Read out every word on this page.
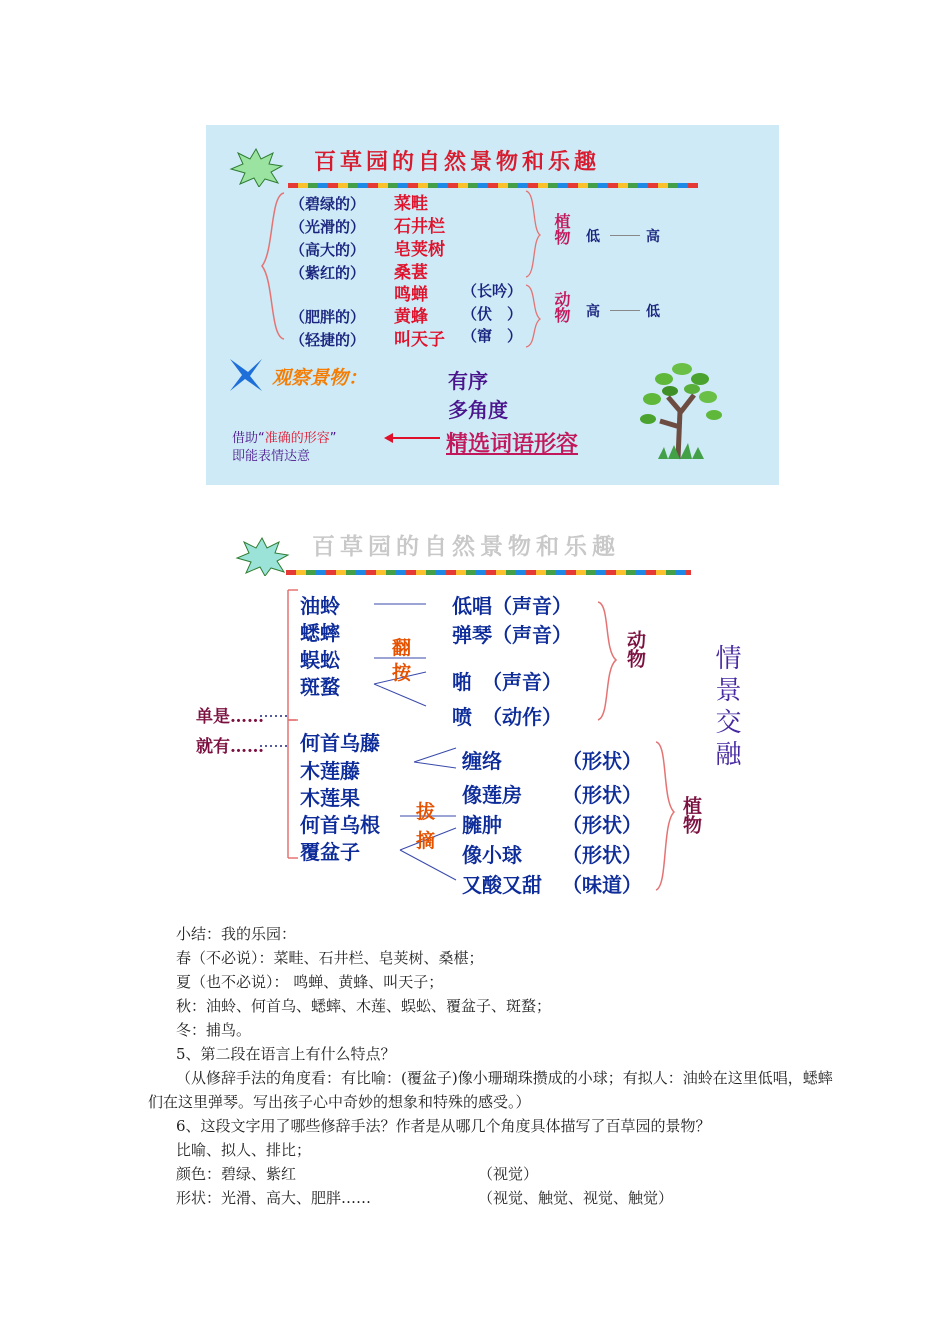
百草园的自然景物和乐趣
（碧绿的） 菜畦
（光滑的） 石井栏
（高大的） 皂荚树
（紫红的） 桑葚
鸣蝉
（肥胖的） 黄蜂
（轻捷的） 叫天子
（长吟）
（伏　）
（窜　）
植物
动物
低	高
高	低
观察景物：	有序
多角度
借助“准确的形容”
即能表情达意	精选词语形容
百草园的自然景物和乐趣
单是……
就有……
油蛉
蟋蟀
蜈蚣
斑蝥
何首乌藤
木莲藤
木莲果
何首乌根
覆盆子
翻
按
拔
摘
低唱（声音）
弹琴（声音）
啪　（声音）
喷　（动作）
缠络	（形状）
像莲房 （形状）
臃肿	（形状）
像小球 （形状）
又酸又甜 （味道）
动物
植物
情景交融
小结：我的乐园：
春（不必说）：菜畦、石井栏、皂荚树、桑椹；
夏（也不必说）： 鸣蝉、黄蜂、叫天子；
秋：油蛉、何首乌、蟋蟀、木莲、蜈蚣、覆盆子、斑蝥；
冬：捕鸟。
5、第二段在语言上有什么特点？
（从修辞手法的角度看：有比喻：(覆盆子)像小珊瑚珠攒成的小球；有拟人：油蛉在这里低唱，蟋蟀们在这里弹琴。写出孩子心中奇妙的想象和特殊的感受。）
6、这段文字用了哪些修辞手法？作者是从哪几个角度具体描写了百草园的景物？
比喻、拟人、排比；
颜色：碧绿、紫红	（视觉）
形状：光滑、高大、肥胖……	（视觉、触觉、视觉、触觉）
